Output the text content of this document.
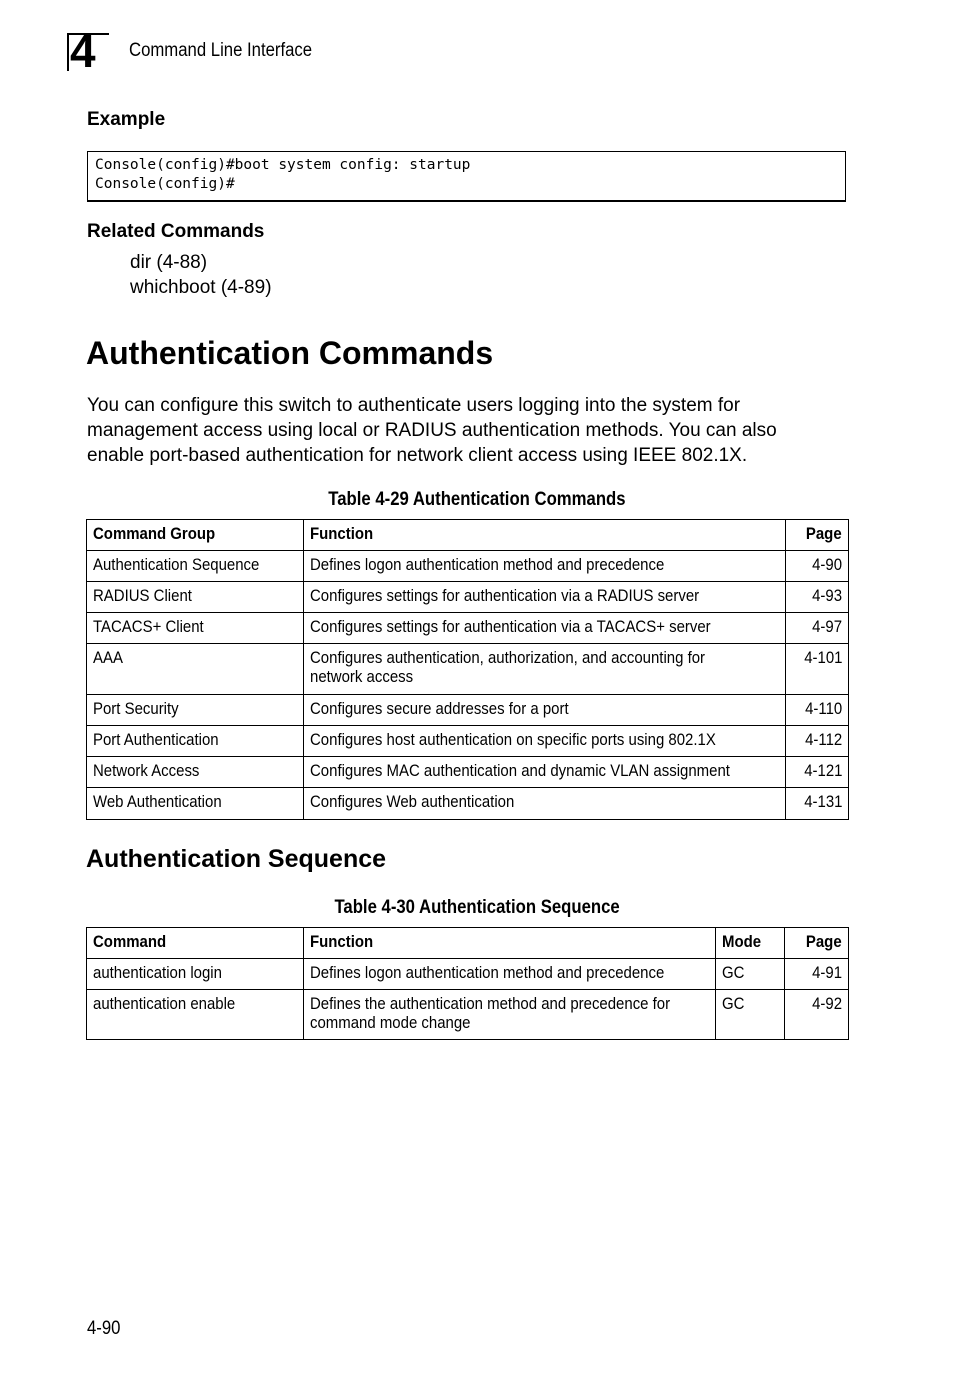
4 Command Line Interface
Example
Console(config)#boot system config: startup
Console(config)#
Related Commands
dir (4-88)
whichboot (4-89)
Authentication Commands
You can configure this switch to authenticate users logging into the system for
management access using local or RADIUS authentication methods. You can also
enable port-based authentication for network client access using IEEE 802.1X.
Table 4-29 Authentication Commands
Command Group	Function	Page

Authentication Sequence	Defines logon authentication method and precedence	4-90

RADIUS Client	Configures settings for authentication via a RADIUS server	4-93

TACACS+ Client	Configures settings for authentication via a TACACS+ server	4-97

AAA	Configures authentication, authorization, and accounting for
network access	4-101

Port Security	Configures secure addresses for a port	4-110

Port Authentication	Configures host authentication on specific ports using 802.1X	4-112

Network Access	Configures MAC authentication and dynamic VLAN assignment	4-121

Web Authentication	Configures Web authentication	4-131
Authentication Sequence
Table 4-30 Authentication Sequence
Command	Function	Mode	Page

authentication login	Defines logon authentication method and precedence	GC	4-91

authentication enable	Defines the authentication method and precedence for
command mode change	GC	4-92
4-90
